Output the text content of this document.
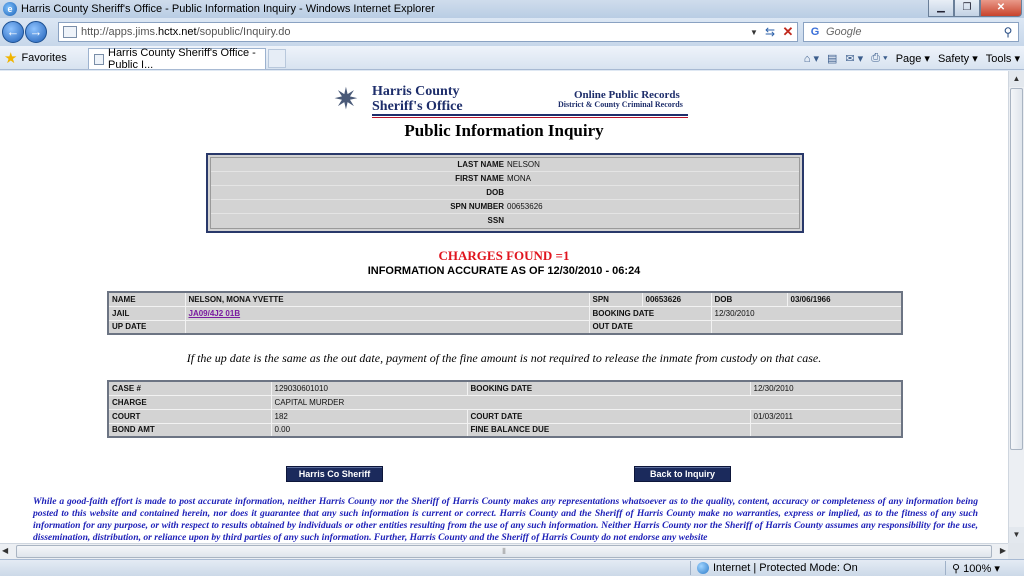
e Harris County Sheriff's Office - Public Information Inquiry - Windows Internet Explorer	▁	❐	✕
← →	http://apps.jims.hctx.net/sopublic/Inquiry.do	▼ ⇆ ✕	G Google	⚲
★ Favorites	Harris County Sheriff's Office - Public I...
⌂ ▾ ▤ ✉ ▾ ⎙ ▾ Page ▾ Safety ▾ Tools ▾
✷ Harris County
Sheriff's Office
Online Public Records
District & County Criminal Records
Public Information Inquiry
LAST NAME NELSON
FIRST NAME MONA
DOB
SPN NUMBER 00653626
SSN
CHARGES FOUND =1
INFORMATION ACCURATE AS OF 12/30/2010 - 06:24
NAME	NELSON, MONA YVETTE	SPN	00653626	DOB	03/06/1966
JAIL	JA09/4J2 01B	BOOKING DATE		12/30/2010	
UP DATE		OUT DATE			
If the up date is the same as the out date, payment of the fine amount is not required to release the inmate from custody on that case.
CASE #	129030601010	BOOKING DATE	12/30/2010
CHARGE	CAPITAL MURDER		
COURT	182	COURT DATE	01/03/2011
BOND AMT	0.00	FINE BALANCE DUE	
Harris Co Sheriff	Back to Inquiry
While a good-faith effort is made to post accurate information, neither Harris County nor the Sheriff of Harris County makes any representations whatsoever as to the quality, content, accuracy or completeness of any information being posted to this website and contained herein, nor does it guarantee that any such information is current or correct. Harris County and the Sheriff of Harris County make no warranties, express or implied, as to the fitness of any such information for any purpose, or with respect to results obtained by individuals or other entities resulting from the use of any such information. Neither Harris County nor the Sheriff of Harris County assumes any responsibility for the use, dissemination, distribution, or reliance upon by third parties of any such information. Further, Harris County and the Sheriff of Harris County do not endorse any website
▲
▼
◀	⦀	▶
Internet | Protected Mode: On	⚲ 100% ▾
